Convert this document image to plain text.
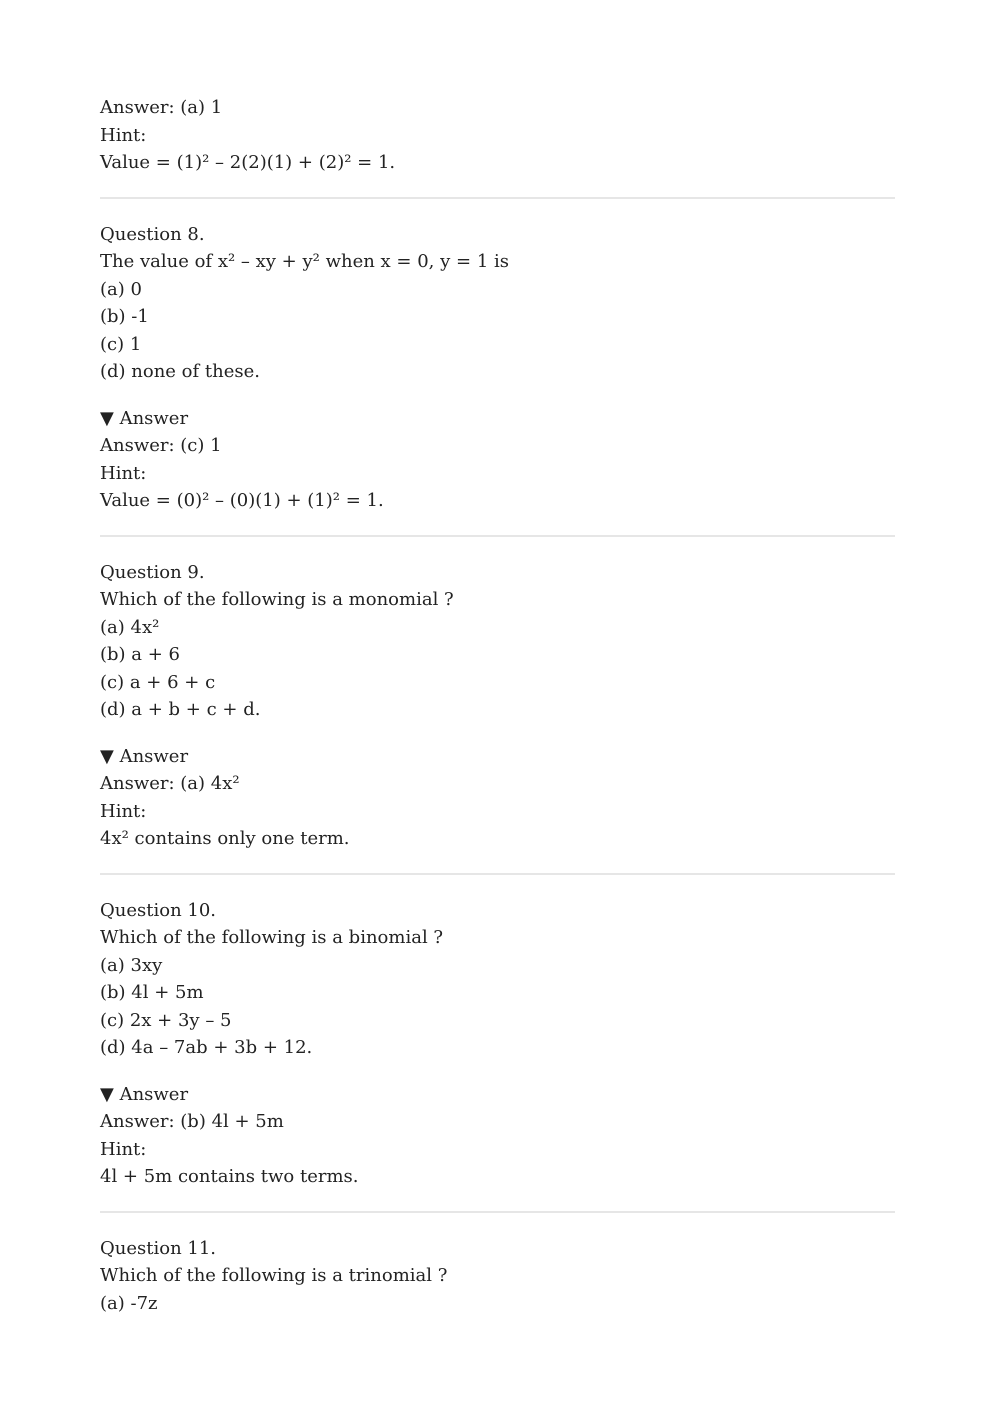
Answer: (a) 1
Hint:
Value = (1)² – 2(2)(1) + (2)² = 1.
Question 8.
The value of x² – xy + y² when x = 0, y = 1 is
(a) 0
(b) -1
(c) 1
(d) none of these.
▼ Answer
Answer: (c) 1
Hint:
Value = (0)² – (0)(1) + (1)² = 1.
Question 9.
Which of the following is a monomial ?
(a) 4x²
(b) a + 6
(c) a + 6 + c
(d) a + b + c + d.
▼ Answer
Answer: (a) 4x²
Hint:
4x² contains only one term.
Question 10.
Which of the following is a binomial ?
(a) 3xy
(b) 4l + 5m
(c) 2x + 3y – 5
(d) 4a – 7ab + 3b + 12.
▼ Answer
Answer: (b) 4l + 5m
Hint:
4l + 5m contains two terms.
Question 11.
Which of the following is a trinomial ?
(a) -7z
